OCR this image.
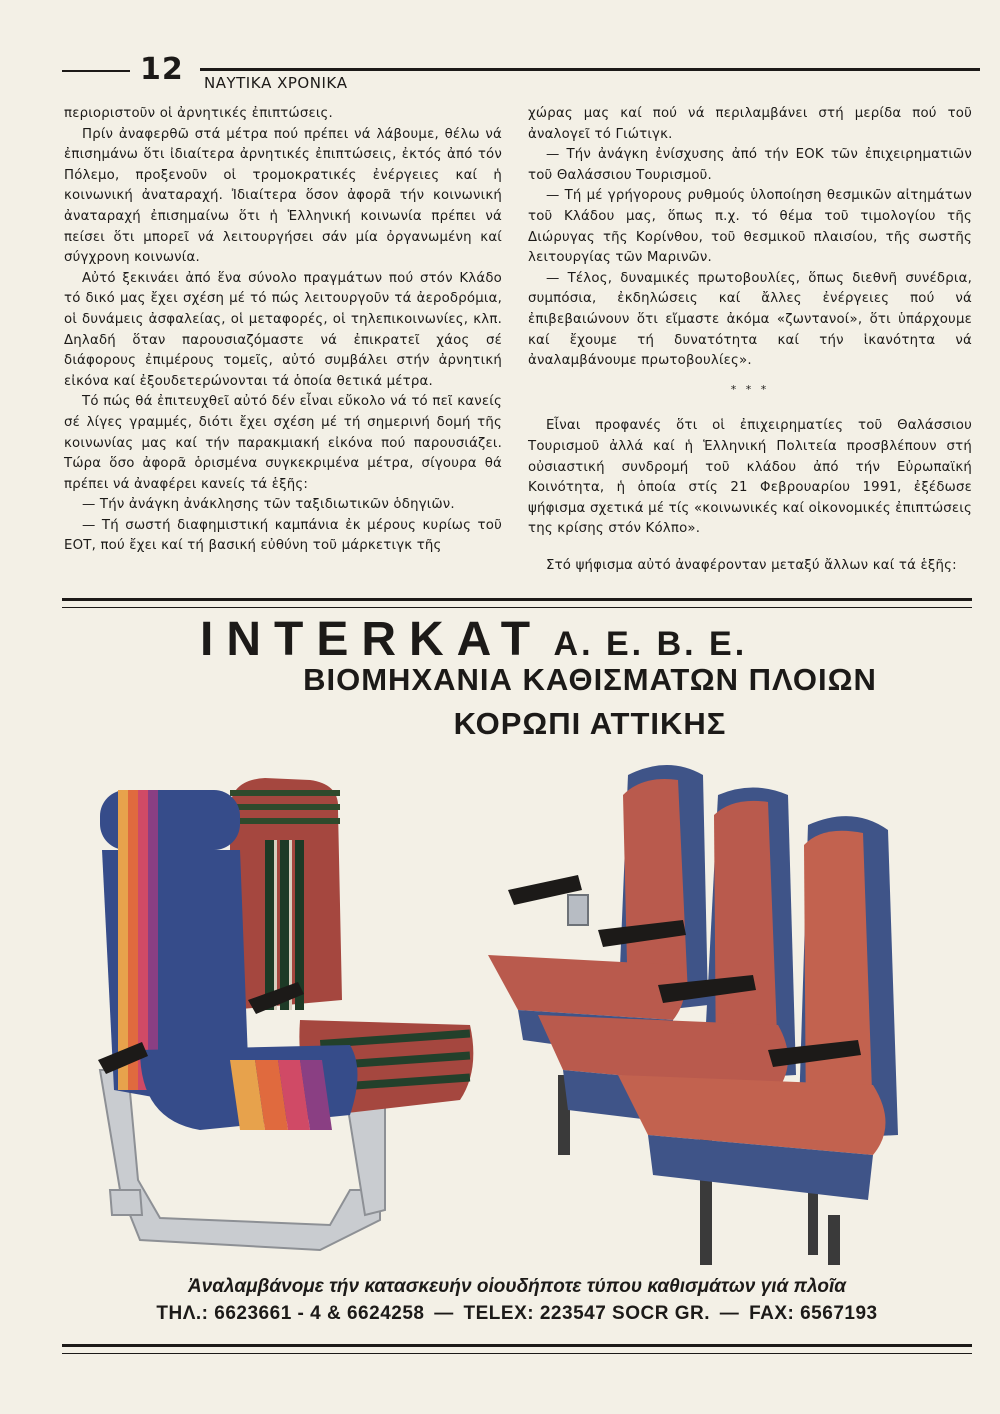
12 ΝΑΥΤΙΚΑ ΧΡΟΝΙΚΑ

περιοριστοῦν οἱ ἀρνητικές ἐπιπτώσεις.

Πρίν ἀναφερθῶ στά μέτρα πού πρέπει νά λάβουμε, θέλω νά ἐπισημάνω ὅτι ἰδιαίτερα ἀρνητικές ἐπιπτώσεις, ἐκτός ἀπό τόν Πόλεμο, προξενοῦν οἱ τρομοκρατικές ἐνέργειες καί ἡ κοινωνική ἀναταραχή. Ἰδιαίτερα ὅσον ἀφορᾶ τήν κοινωνική ἀναταραχή ἐπισημαίνω ὅτι ἡ Ἑλληνική κοινωνία πρέπει νά πείσει ὅτι μπορεῖ νά λειτουργήσει σάν μία ὀργανωμένη καί σύγχρονη κοινωνία.

Αὐτό ξεκινάει ἀπό ἕνα σύνολο πραγμάτων πού στόν Κλάδο τό δικό μας ἔχει σχέση μέ τό πώς λειτουργοῦν τά ἀεροδρόμια, οἱ δυνάμεις ἀσφαλείας, οἱ μεταφορές, οἱ τηλεπικοινωνίες, κλπ. Δηλαδή ὅταν παρουσιαζόμαστε νά ἐπικρατεῖ χάος σέ διάφορους ἐπιμέρους τομεῖς, αὐτό συμβάλει στήν ἀρνητική εἰκόνα καί ἐξουδετερώνονται τά ὁποία θετικά μέτρα.

Τό πώς θά ἐπιτευχθεῖ αὐτό δέν εἶναι εὔκολο νά τό πεῖ κανείς σέ λίγες γραμμές, διότι ἔχει σχέση μέ τή σημερινή δομή τῆς κοινωνίας μας καί τήν παρακμιακή εἰκόνα πού παρουσιάζει. Τώρα ὅσο ἀφορᾶ ὁρισμένα συγκεκριμένα μέτρα, σίγουρα θά πρέπει νά ἀναφέρει κανείς τά ἑξῆς:

— Τήν ἀνάγκη ἀνάκλησης τῶν ταξιδιωτικῶν ὁδηγιῶν.

— Τή σωστή διαφημιστική καμπάνια ἐκ μέρους κυρίως τοῦ ΕΟΤ, πού ἔχει καί τή βασική εὐθύνη τοῦ μάρκετιγκ τῆς

χώρας μας καί πού νά περιλαμβάνει στή μερίδα πού τοῦ ἀναλογεῖ τό Γιώτιγκ.

— Τήν ἀνάγκη ἐνίσχυσης ἀπό τήν ΕΟΚ τῶν ἐπιχειρηματιῶν τοῦ Θαλάσσιου Τουρισμοῦ.

— Τή μέ γρήγορους ρυθμούς ὑλοποίηση θεσμικῶν αἰτημάτων τοῦ Κλάδου μας, ὅπως π.χ. τό θέμα τοῦ τιμολογίου τῆς Διώρυγας τῆς Κορίνθου, τοῦ θεσμικοῦ πλαισίου, τῆς σωστῆς λειτουργίας τῶν Μαρινῶν.

— Τέλος, δυναμικές πρωτοβουλίες, ὅπως διεθνῆ συνέδρια, συμπόσια, ἐκδηλώσεις καί ἄλλες ἐνέργειες πού νά ἐπιβεβαιώνουν ὅτι εἴμαστε ἀκόμα «ζωντανοί», ὅτι ὑπάρχουμε καί ἔχουμε τή δυνατότητα καί τήν ἱκανότητα νά ἀναλαμβάνουμε πρωτοβουλίες».

* * *

Εἶναι προφανές ὅτι οἱ ἐπιχειρηματίες τοῦ Θαλάσσιου Τουρισμοῦ ἀλλά καί ἡ Ἑλληνική Πολιτεία προσβλέπουν στή οὐσιαστική συνδρομή τοῦ κλάδου ἀπό τήν Εὐρωπαϊκή Κοινότητα, ἡ ὁποία στίς 21 Φεβρουαρίου 1991, ἐξέδωσε ψήφισμα σχετικά μέ τίς «κοινωνικές καί οἰκονομικές ἐπιπτώσεις της κρίσης στόν Κόλπο».

Στό ψήφισμα αὐτό ἀναφέρονταν μεταξύ ἄλλων καί τά ἑξῆς:

INTERKAT A. E. B. E.
ΒΙΟΜΗΧΑΝΙΑ ΚΑΘΙΣΜΑΤΩΝ ΠΛΟΙΩΝ
ΚΟΡΩΠΙ ΑΤΤΙΚΗΣ
Ἀναλαμβάνομε τήν κατασκευήν οἱουδήποτε τύπου καθισμάτων γιά πλοῖα
ΤΗΛ.: 6623661 - 4 & 6624258 — TELEX: 223547 SOCR GR. — FAX: 6567193
